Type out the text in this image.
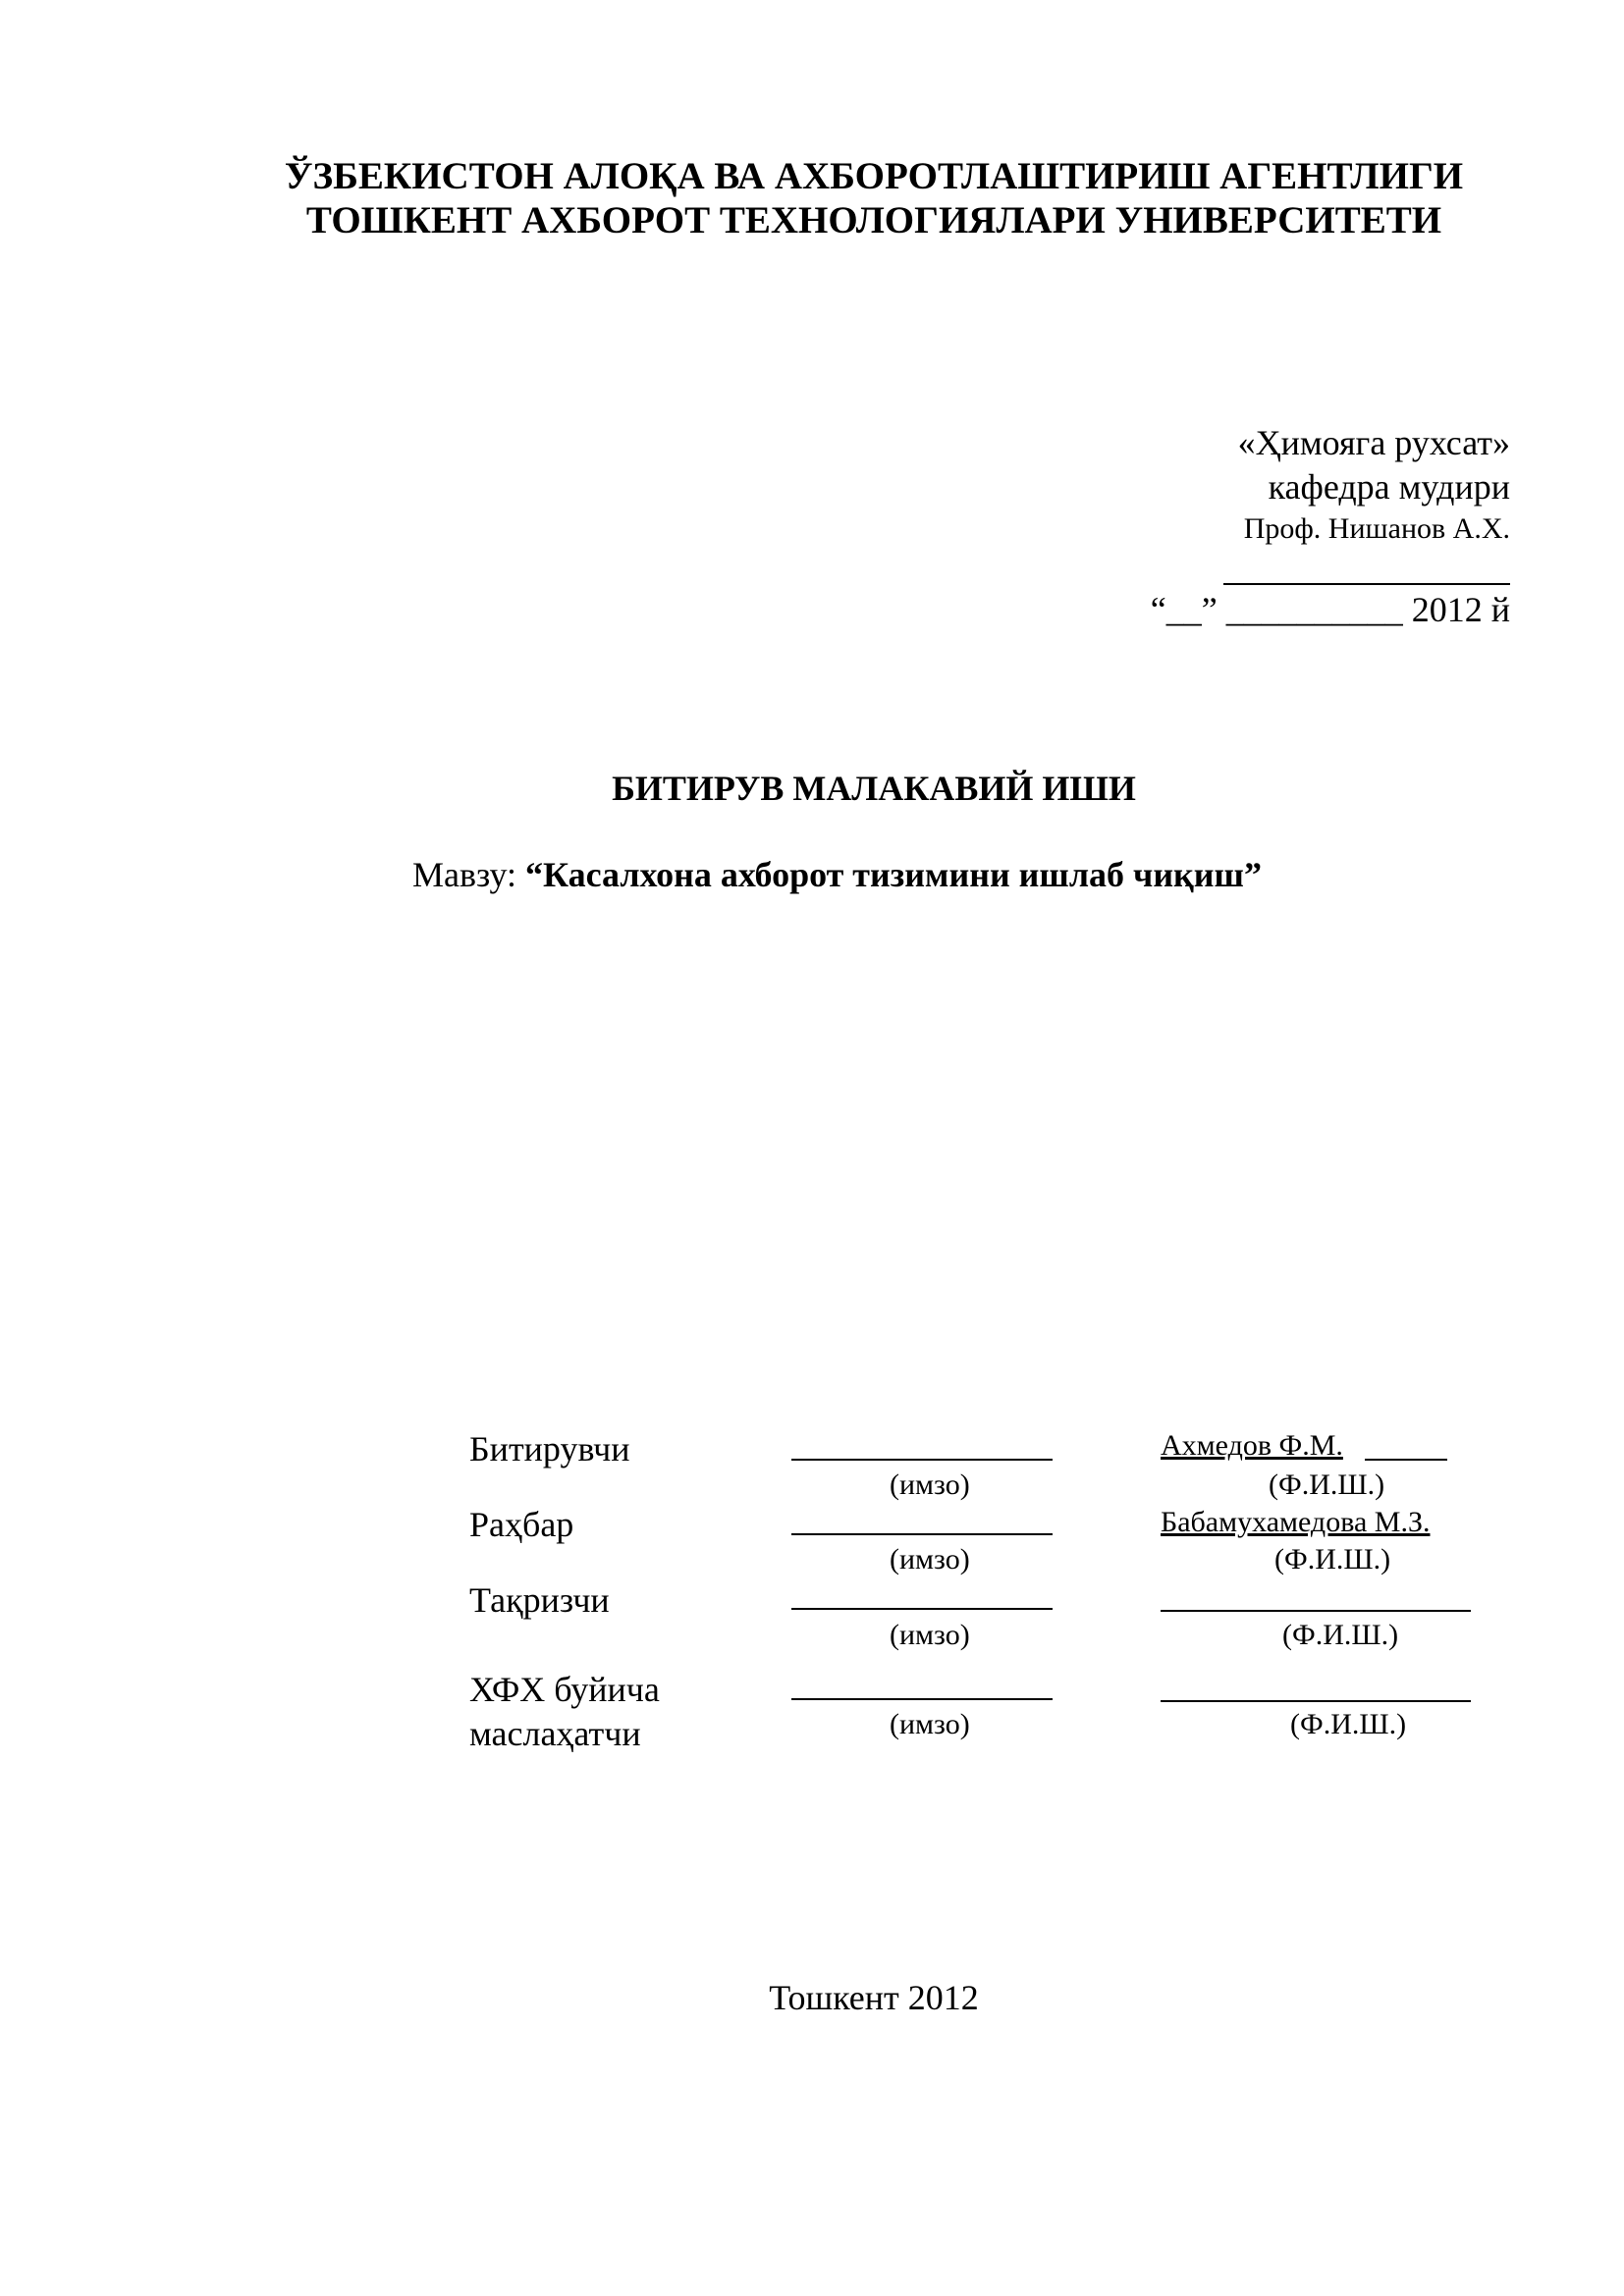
ЎЗБЕКИСТОН АЛОҚА ВА АХБОРОТЛАШТИРИШ АГЕНТЛИГИ
ТОШКЕНТ АХБОРОТ ТЕХНОЛОГИЯЛАРИ УНИВЕРСИТЕТИ
«Ҳимояга рухсат»
кафедра мудири
Проф. Нишанов А.Х.
“__” __________ 2012 й
БИТИРУВ МАЛАКАВИЙ ИШИ
Мавзу: “Касалхона ахборот тизимини ишлаб чиқиш”
Битирувчи
Раҳбар
Тақризчи
ХФХ буйича
маслаҳатчи
(имзо)
(имзо)
(имзо)
(имзо)
Ахмедов Ф.М.
Бабамухамедова М.З.
(Ф.И.Ш.)
(Ф.И.Ш.)
(Ф.И.Ш.)
(Ф.И.Ш.)
Тошкент 2012
